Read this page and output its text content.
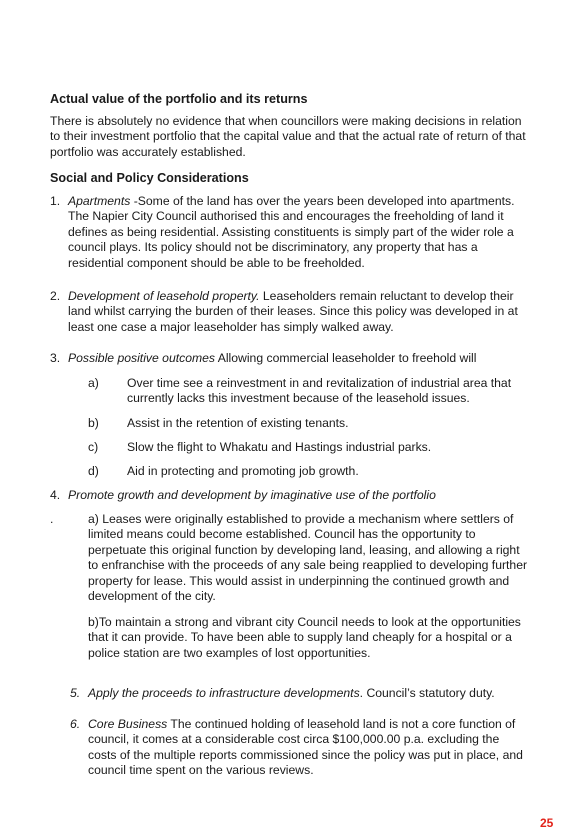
Actual value of the portfolio and its returns

There is absolutely no evidence that when councillors were making decisions in relation to their investment portfolio that the capital value and that the actual rate of return of that portfolio was accurately established.

Social and Policy Considerations
1. Apartments -Some of the land has over the years been developed into apartments. The Napier City Council authorised this and encourages the freeholding of land it defines as being residential. Assisting constituents is simply part of the wider role a council plays. Its policy should not be discriminatory, any property that has a residential component should be able to be freeholded.

2. Development of leasehold property. Leaseholders remain reluctant to develop their land whilst carrying the burden of their leases. Since this policy was developed in at least one case a major leaseholder has simply walked away.

3. Possible positive outcomes Allowing commercial leaseholder to freehold will

a) Over time see a reinvestment in and revitalization of industrial area that currently lacks this investment because of the leasehold issues.

b) Assist in the retention of existing tenants.

c) Slow the flight to Whakatu and Hastings industrial parks.

d) Aid in protecting and promoting job growth.

4. Promote growth and development by imaginative use of the portfolio

.	a) Leases were originally established to provide a mechanism where settlers of limited means could become established. Council has the opportunity to perpetuate this original function by developing land, leasing, and allowing a right to enfranchise with the proceeds of any sale being reapplied to developing further property for lease. This would assist in underpinning the continued growth and development of the city.

b)To maintain a strong and vibrant city Council needs to look at the opportunities that it can provide. To have been able to supply land cheaply for a hospital or a police station are two examples of lost opportunities.

5. Apply the proceeds to infrastructure developments. Council’s statutory duty.

6. Core Business The continued holding of leasehold land is not a core function of council, it comes at a considerable cost circa $100,000.00 p.a. excluding the costs of the multiple reports commissioned since the policy was put in place, and council time spent on the various reviews.

25
